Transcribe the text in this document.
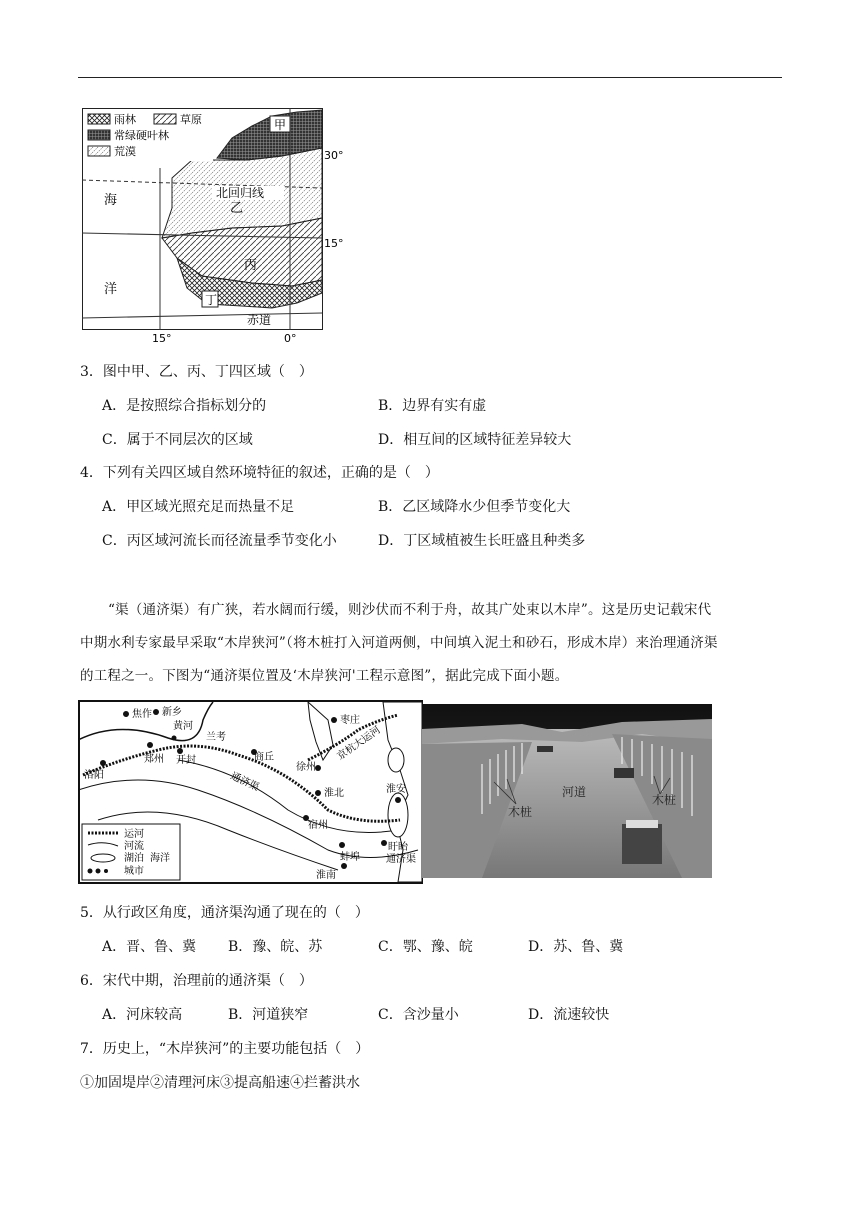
雨林	草原
常绿硬叶林
荒漠
甲
北回归线
乙
丙
丁
海
洋
赤道
30°
15°
15°	0°
3．图中甲、乙、丙、丁四区域（　）
A．是按照综合指标划分的	B．边界有实有虚
C．属于不同层次的区域	D．相互间的区域特征差异较大
4．下列有关四区域自然环境特征的叙述，正确的是（　）
A．甲区域光照充足而热量不足	B．乙区域降水少但季节变化大
C．丙区域河流长而径流量季节变化小	D．丁区域植被生长旺盛且种类多

“渠（通济渠）有广狭，若水阔而行缓，则沙伏而不利于舟，故其广处束以木岸”。这是历史记载宋代

中期水利专家最早采取“木岸狭河”（将木桩打入河道两侧，中间填入泥土和砂石，形成木岸）来治理通济渠

的工程之一。下图为“通济渠位置及‘木岸狭河'工程示意图”，据此完成下面小题。

焦作 新乡
黄河
兰考
开封
郑州
洛阳
商丘
通济渠
枣庄
京杭大运河
徐州
淮北	淮安
宿州
蚌埠
盱眙
淮南
通济渠
运河
河流
湖泊 海洋
城市
木桩
河道
木桩
5．从行政区角度，通济渠沟通了现在的（　）
A．晋、鲁、冀 B．豫、皖、苏	C．鄂、豫、皖	D．苏、鲁、冀
6．宋代中期，治理前的通济渠（　）
A．河床较高	B．河道狭窄	C．含沙量小	D．流速较快
7．历史上，“木岸狭河”的主要功能包括（　）
①加固堤岸②清理河床③提高船速④拦蓄洪水
